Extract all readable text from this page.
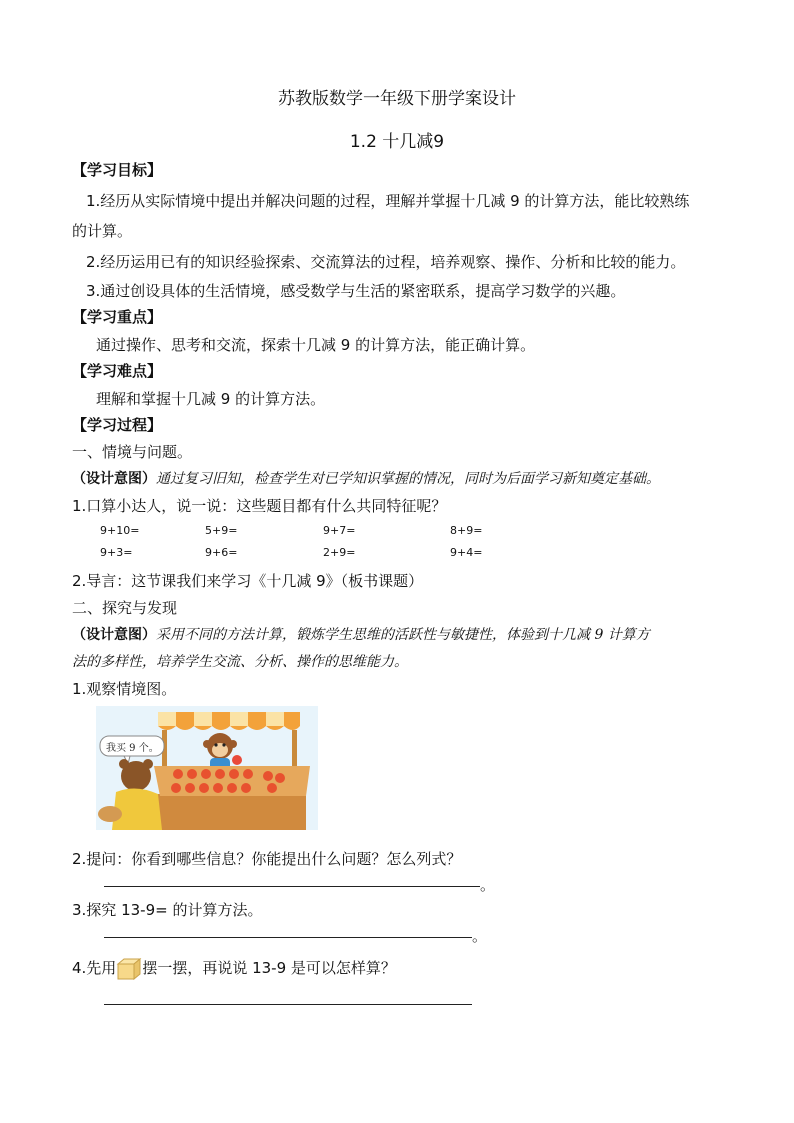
苏教版数学一年级下册学案设计
1.2 十几减9
【学习目标】
1.经历从实际情境中提出并解决问题的过程，理解并掌握十几减 9 的计算方法，能比较熟练
的计算。
2.经历运用已有的知识经验探索、交流算法的过程，培养观察、操作、分析和比较的能力。
3.通过创设具体的生活情境，感受数学与生活的紧密联系，提高学习数学的兴趣。
【学习重点】
通过操作、思考和交流，探索十几减 9 的计算方法，能正确计算。
【学习难点】
理解和掌握十几减 9 的计算方法。
【学习过程】
一、情境与问题。
（设计意图）通过复习旧知，检查学生对已学知识掌握的情况，同时为后面学习新知奠定基础。
1.口算小达人，说一说：这些题目都有什么共同特征呢？
9+10=	5+9=	9+7=	8+9=
9+3=	9+6=	2+9=	9+4=
2.导言：这节课我们来学习《十几减 9》（板书课题）
二、探究与发现
（设计意图）采用不同的方法计算，锻炼学生思维的活跃性与敏捷性，体验到十几减 9 计算方
法的多样性，培养学生交流、分析、操作的思维能力。
1.观察情境图。
我买 9 个。
2.提问：你看到哪些信息？你能提出什么问题？怎么列式？
。
3.探究 13-9= 的计算方法。
。
4.先用 摆一摆，再说说 13-9 是可以怎样算？
